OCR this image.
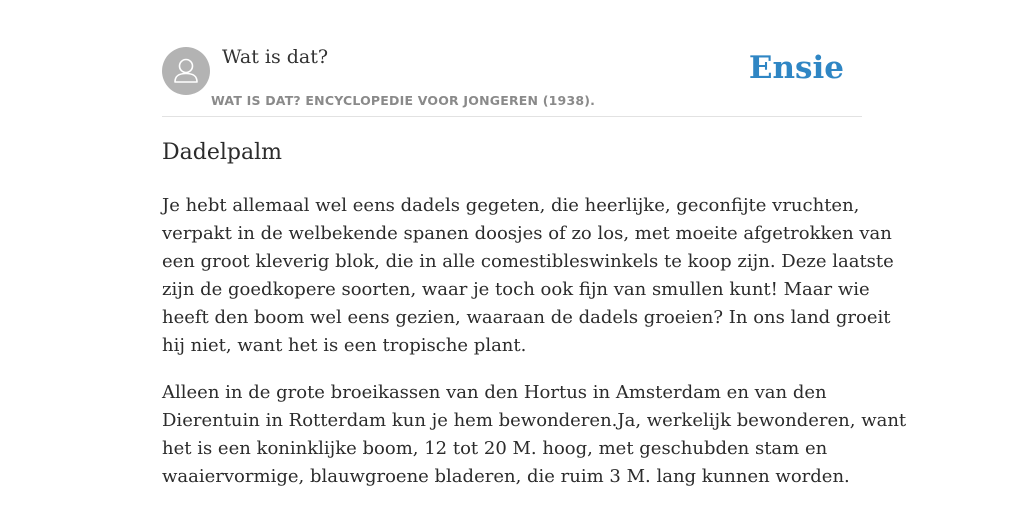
Wat is dat?
WAT IS DAT? ENCYCLOPEDIE VOOR JONGEREN (1938).
Ensie
Dadelpalm

Je hebt allemaal wel eens dadels gegeten, die heerlijke, geconfijte vruchten,
verpakt in de welbekende spanen doosjes of zo los, met moeite afgetrokken van
een groot kleverig blok, die in alle comestibleswinkels te koop zijn. Deze laatste
zijn de goedkopere soorten, waar je toch ook fijn van smullen kunt! Maar wie
heeft den boom wel eens gezien, waaraan de dadels groeien? In ons land groeit
hij niet, want het is een tropische plant.

Alleen in de grote broeikassen van den Hortus in Amsterdam en van den
Dierentuin in Rotterdam kun je hem bewonderen.Ja, werkelijk bewonderen, want
het is een koninklijke boom, 12 tot 20 M. hoog, met geschubden stam en
waaiervormige, blauwgroene bladeren, die ruim 3 M. lang kunnen worden.
